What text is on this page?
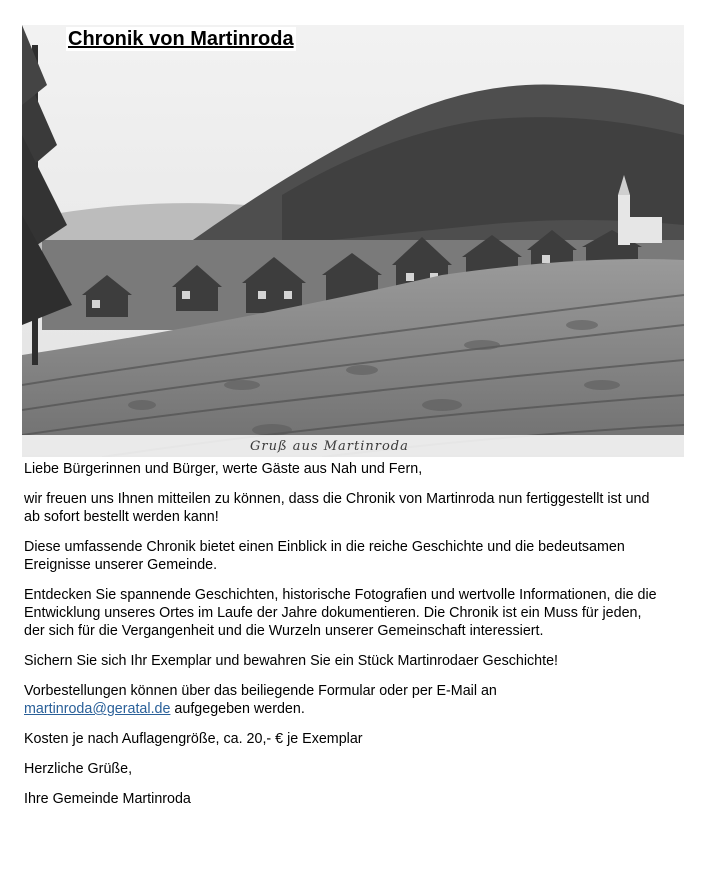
Chronik von Martinroda
Gruß aus Martinroda

Liebe Bürgerinnen und Bürger, werte Gäste aus Nah und Fern,

wir freuen uns Ihnen mitteilen zu können, dass die Chronik von Martinroda nun fertiggestellt ist und ab sofort bestellt werden kann!

Diese umfassende Chronik bietet einen Einblick in die reiche Geschichte und die bedeutsamen Ereignisse unserer Gemeinde.

Entdecken Sie spannende Geschichten, historische Fotografien und wertvolle Informationen, die die Entwicklung unseres Ortes im Laufe der Jahre dokumentieren. Die Chronik ist ein Muss für jeden, der sich für die Vergangenheit und die Wurzeln unserer Gemeinschaft interessiert.

Sichern Sie sich Ihr Exemplar und bewahren Sie ein Stück Martinrodaer Geschichte!

Vorbestellungen können über das beiliegende Formular oder per E-Mail an
martinroda@geratal.de aufgegeben werden.

Kosten je nach Auflagengröße, ca. 20,- € je Exemplar

Herzliche Grüße,

Ihre Gemeinde Martinroda
